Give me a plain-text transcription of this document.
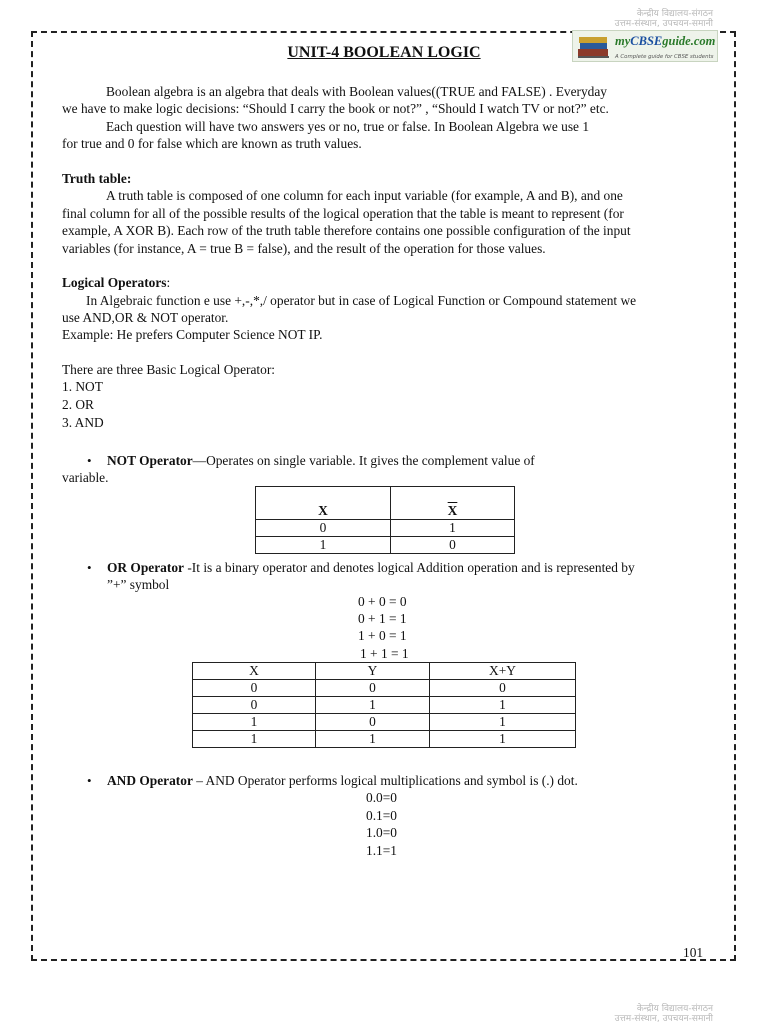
केन्द्रीय विद्यालय-संगठन
उत्तम-संस्थान, उपचयन-समानी
myCBSEguide.com
A Complete guide for CBSE students
UNIT-4 BOOLEAN LOGIC
Boolean algebra is an algebra that deals with Boolean values((TRUE and FALSE) . Everyday
we have to make logic decisions: “Should I carry the book or not?” , “Should I watch TV or not?” etc.
Each question will have two answers yes or no, true or false. In Boolean Algebra we use 1
for true and 0 for false which are known as truth values.
Truth table:
A truth table is composed of one column for each input variable (for example, A and B), and one
final column for all of the possible results of the logical operation that the table is meant to represent (for
example, A XOR B). Each row of the truth table therefore contains one possible configuration of the input
variables (for instance, A = true B = false), and the result of the operation for those values.
Logical Operators:
In Algebraic function e use +,-,*,/ operator but in case of Logical Function or Compound statement we
use AND,OR & NOT operator.
Example: He prefers Computer Science NOT IP.
There are three Basic Logical Operator:
1. NOT
2. OR
3. AND
• NOT Operator—Operates on single variable. It gives the complement value of
variable.
X	$\overline{X}$
0	1
1	0
• OR Operator -It is a binary operator and denotes logical Addition operation and is represented by
”+” symbol
0 + 0 = 0
0 + 1 = 1
1 + 0 = 1
1 + 1 = 1
X	Y	X+Y
0	0	0
0	1	1
1	0	1
1	1	1
• AND Operator – AND Operator performs logical multiplications and symbol is (.) dot.
0.0=0
0.1=0
1.0=0
1.1=1
101
केन्द्रीय विद्यालय-संगठन
उत्तम-संस्थान, उपचयन-समानी
